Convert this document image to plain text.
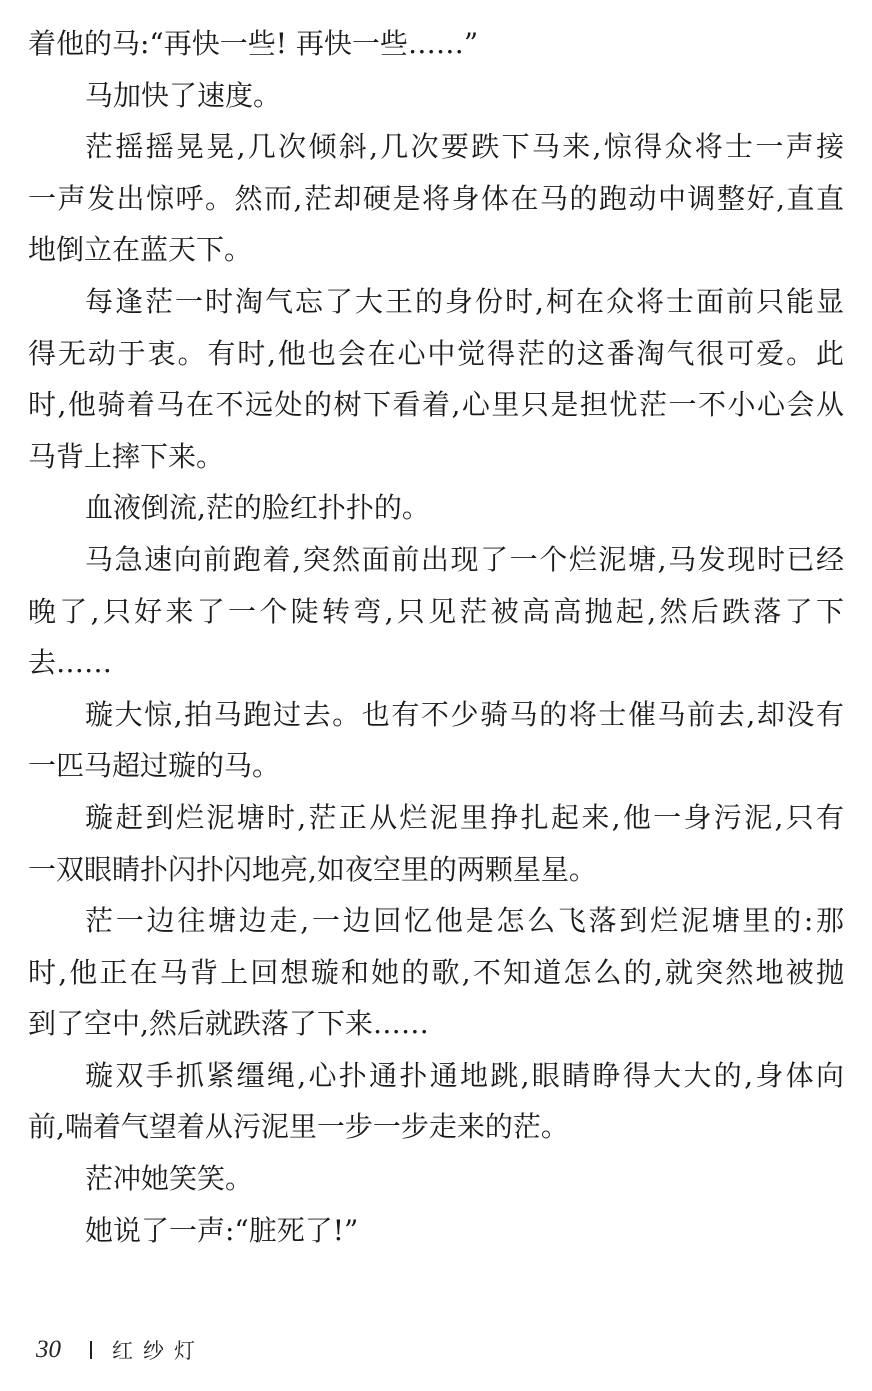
着他的马:“再快一些! 再快一些……”
马加快了速度。
茫摇摇晃晃,几次倾斜,几次要跌下马来,惊得众将士一声接
一声发出惊呼。然而,茫却硬是将身体在马的跑动中调整好,直直
地倒立在蓝天下。
每逢茫一时淘气忘了大王的身份时,柯在众将士面前只能显
得无动于衷。有时,他也会在心中觉得茫的这番淘气很可爱。此
时,他骑着马在不远处的树下看着,心里只是担忧茫一不小心会从
马背上摔下来。
血液倒流,茫的脸红扑扑的。
马急速向前跑着,突然面前出现了一个烂泥塘,马发现时已经
晚了,只好来了一个陡转弯,只见茫被高高抛起,然后跌落了下
去……
璇大惊,拍马跑过去。也有不少骑马的将士催马前去,却没有
一匹马超过璇的马。
璇赶到烂泥塘时,茫正从烂泥里挣扎起来,他一身污泥,只有
一双眼睛扑闪扑闪地亮,如夜空里的两颗星星。
茫一边往塘边走,一边回忆他是怎么飞落到烂泥塘里的:那
时,他正在马背上回想璇和她的歌,不知道怎么的,就突然地被抛
到了空中,然后就跌落了下来……
璇双手抓紧缰绳,心扑通扑通地跳,眼睛睁得大大的,身体向
前,喘着气望着从污泥里一步一步走来的茫。
茫冲她笑笑。
她说了一声:“脏死了!”
30	红纱灯
